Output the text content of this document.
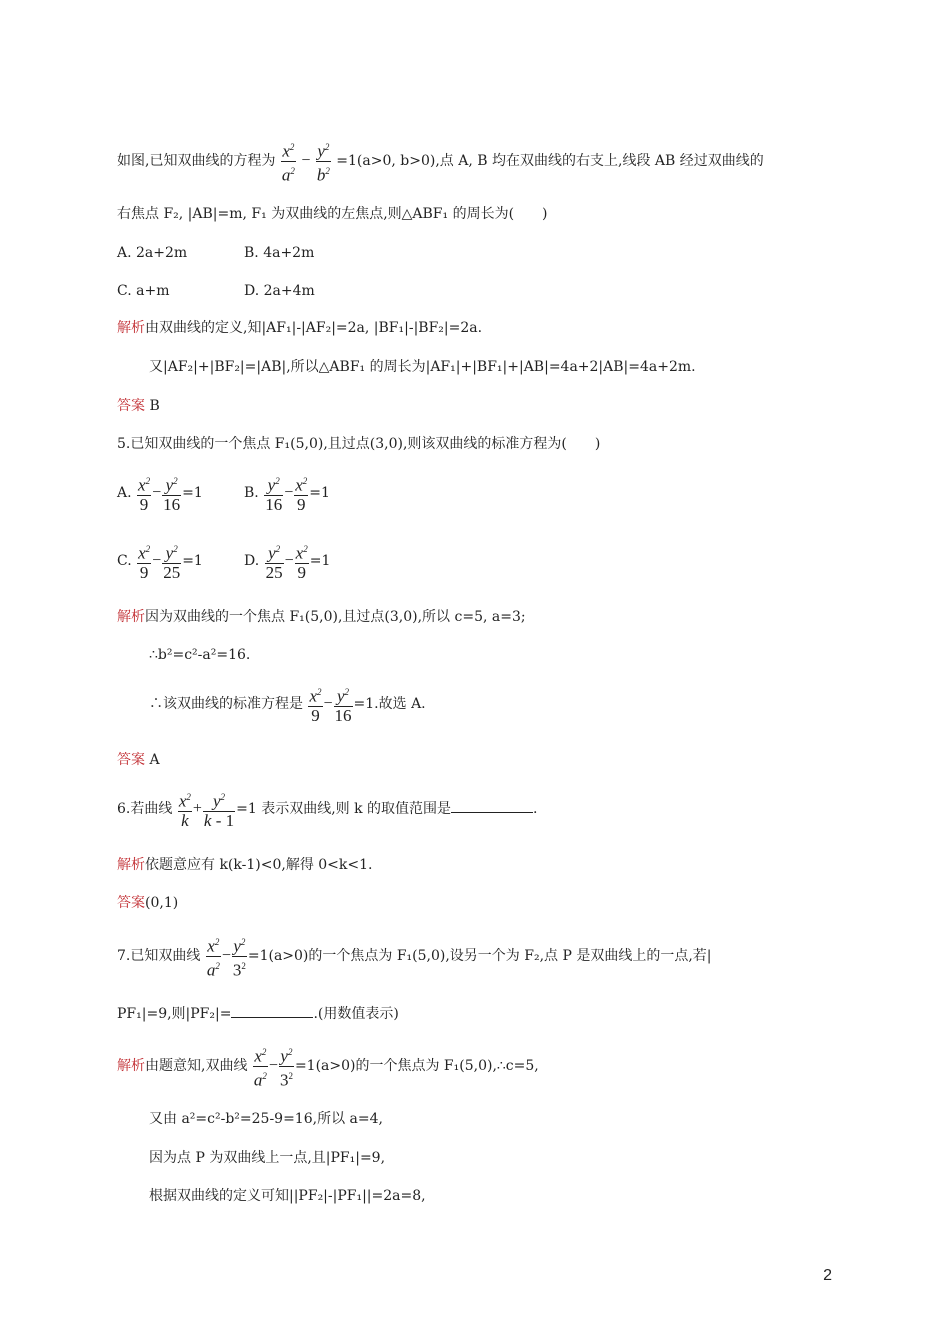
如图,已知双曲线的方程为 $\frac{x^2}{a^2} - \frac{y^2}{b^2} =1(a>0$, b>0),点 A, B 均在双曲线的右支上,线段 AB 经过双曲线的
右焦点 F₂, |AB|=m, F₁ 为双曲线的左焦点,则△ABF₁ 的周长为(　　)
A. 2a+2m	B. 4a+2m
C. a+m	D. 2a+4m
解析由双曲线的定义,知|AF₁|-|AF₂|=2a, |BF₁|-|BF₂|=2a.
又|AF₂|+|BF₂|=|AB|,所以△ABF₁ 的周长为|AF₁|+|BF₁|+|AB|=4a+2|AB|=4a+2m.
答案 B
5.已知双曲线的一个焦点 F₁(5,0),且过点(3,0),则该双曲线的标准方程为(　　)
A. $\frac{x^2}{9} - \frac{y^2}{16} =1$	B. $\frac{y^2}{16} - \frac{x^2}{9} =1$
C. $\frac{x^2}{9} - \frac{y^2}{25} =1$	D. $\frac{y^2}{25} - \frac{x^2}{9} =1$
解析因为双曲线的一个焦点 F₁(5,0),且过点(3,0),所以 c=5, a=3;
∴b²=c²-a²=16.
∴该双曲线的标准方程是 $\frac{x^2}{9} - \frac{y^2}{16} =1$.故选 A.
答案 A
6.若曲线 $\frac{x^2}{k} + \frac{y^2}{k - 1} =1$ 表示双曲线,则 k 的取值范围是	.
解析依题意应有 k(k-1)<0,解得 0<k<1.
答案(0,1)
7.已知双曲线 $\frac{x^2}{a^2} - \frac{y^2}{3^2} =1(a>0)$的一个焦点为 F₁(5,0),设另一个为 F₂,点 P 是双曲线上的一点,若|
PF₁|=9,则|PF₂|=	.(用数值表示)
解析由题意知,双曲线 $\frac{x^2}{a^2} - \frac{y^2}{3^2} =1(a>0)$的一个焦点为 F₁(5,0),∴c=5,
又由 a²=c²-b²=25-9=16,所以 a=4,
因为点 P 为双曲线上一点,且|PF₁|=9,
根据双曲线的定义可知||PF₂|-|PF₁||=2a=8,
2
